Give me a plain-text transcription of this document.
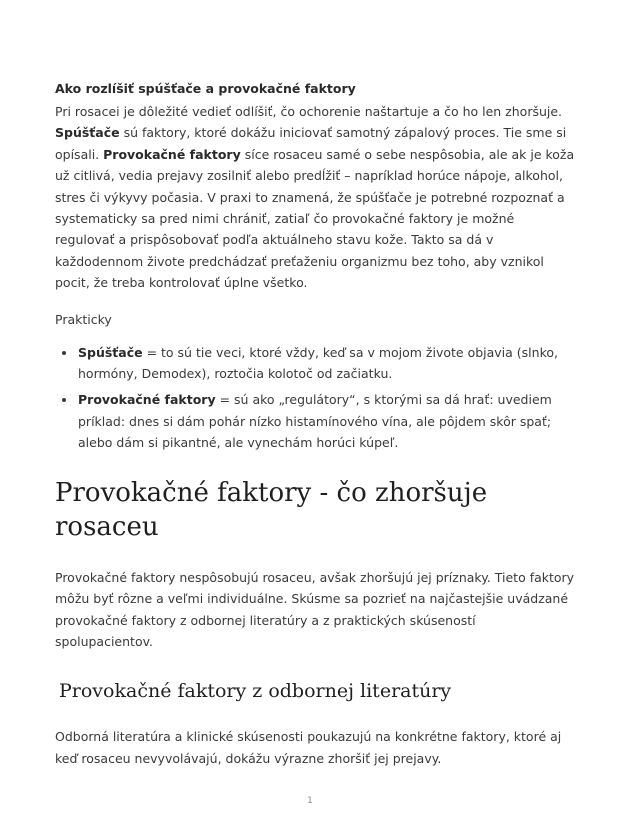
Ako rozlíšiť spúšťače a provokačné faktory

Pri rosacei je dôležité vedieť odlíšiť, čo ochorenie naštartuje a čo ho len zhoršuje. Spúšťače sú faktory, ktoré dokážu iniciovať samotný zápalový proces. Tie sme si opísali. Provokačné faktory síce rosaceu samé o sebe nespôsobia, ale ak je koža už citlivá, vedia prejavy zosilniť alebo predĺžiť – napríklad horúce nápoje, alkohol, stres či výkyvy počasia. V praxi to znamená, že spúšťače je potrebné rozpoznať a systematicky sa pred nimi chrániť, zatiaľ čo provokačné faktory je možné regulovať a prispôsobovať podľa aktuálneho stavu kože. Takto sa dá v každodennom živote predchádzať preťaženiu organizmu bez toho, aby vznikol pocit, že treba kontrolovať úplne všetko.

Prakticky
• Spúšťače = to sú tie veci, ktoré vždy, keď sa v mojom živote objavia (slnko, hormóny, Demodex), roztočia kolotoč od začiatku.
• Provokačné faktory = sú ako „regulátory“, s ktorými sa dá hrať: uvediem príklad: dnes si dám pohár nízko histamínového vína, ale pôjdem skôr spať; alebo dám si pikantné, ale vynechám horúci kúpeľ.
Provokačné faktory - čo zhoršuje rosaceu

Provokačné faktory nespôsobujú rosaceu, avšak zhoršujú jej príznaky. Tieto faktory môžu byť rôzne a veľmi individuálne. Skúsme sa pozrieť na najčastejšie uvádzané provokačné faktory z odbornej literatúry a z praktických skúseností spolupacientov.

Provokačné faktory z odbornej literatúry

Odborná literatúra a klinické skúsenosti poukazujú na konkrétne faktory, ktoré aj keď rosaceu nevyvolávajú, dokážu výrazne zhoršiť jej prejavy.

1
